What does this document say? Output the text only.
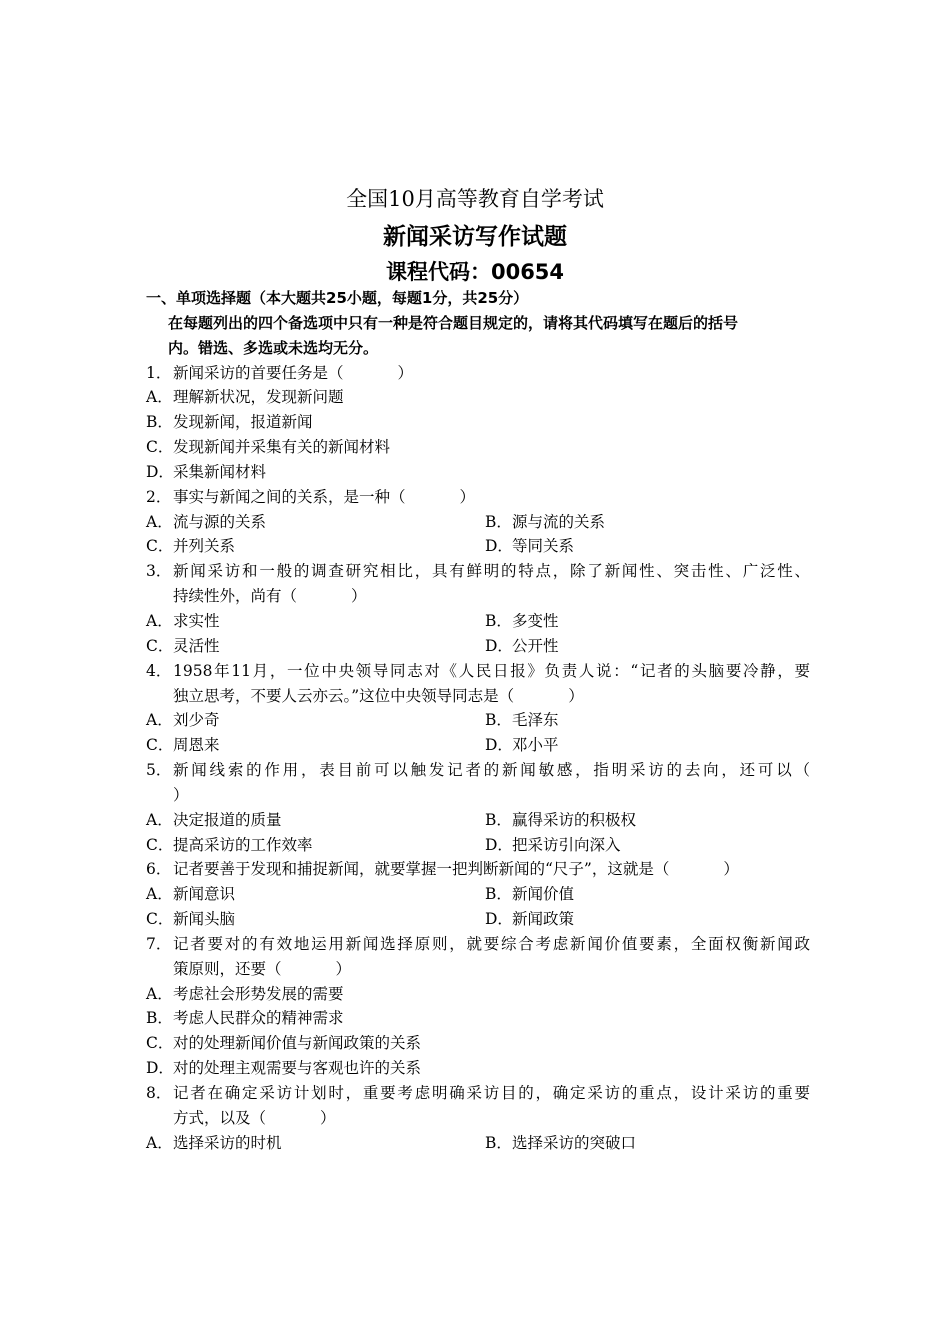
全国10月高等教育自学考试
新闻采访写作试题
课程代码：00654
一、单项选择题（本大题共25小题，每题1分，共25分）
在每题列出的四个备选项中只有一种是符合题目规定的，请将其代码填写在题后的括号
内。错选、多选或未选均无分。
1． 新闻采访的首要任务是（	）
A． 理解新状况，发现新问题
B． 发现新闻，报道新闻
C． 发现新闻并采集有关的新闻材料
D． 采集新闻材料
2． 事实与新闻之间的关系，是一种（	）
A． 流与源的关系	B． 源与流的关系
C． 并列关系	D． 等同关系
3． 新闻采访和一般的调查研究相比，具有鲜明的特点，除了新闻性、突击性、广泛性、
持续性外，尚有（	）
A． 求实性	B． 多变性
C． 灵活性	D． 公开性
4． 1958年11月，一位中央领导同志对《人民日报》负责人说：“记者的头脑要冷静，要
独立思考，不要人云亦云。”这位中央领导同志是（	）
A． 刘少奇	B． 毛泽东
C． 周恩来	D． 邓小平
5． 新闻线索的作用，表目前可以触发记者的新闻敏感，指明采访的去向，还可以（
）
A． 决定报道的质量	B． 赢得采访的积极权
C． 提高采访的工作效率	D． 把采访引向深入
6． 记者要善于发现和捕捉新闻，就要掌握一把判断新闻的“尺子”，这就是（	）
A． 新闻意识	B． 新闻价值
C． 新闻头脑	D． 新闻政策
7． 记者要对的有效地运用新闻选择原则，就要综合考虑新闻价值要素，全面权衡新闻政
策原则，还要（	）
A． 考虑社会形势发展的需要
B． 考虑人民群众的精神需求
C． 对的处理新闻价值与新闻政策的关系
D． 对的处理主观需要与客观也许的关系
8． 记者在确定采访计划时，重要考虑明确采访目的，确定采访的重点，设计采访的重要
方式，以及（	）
A． 选择采访的时机	B． 选择采访的突破口
